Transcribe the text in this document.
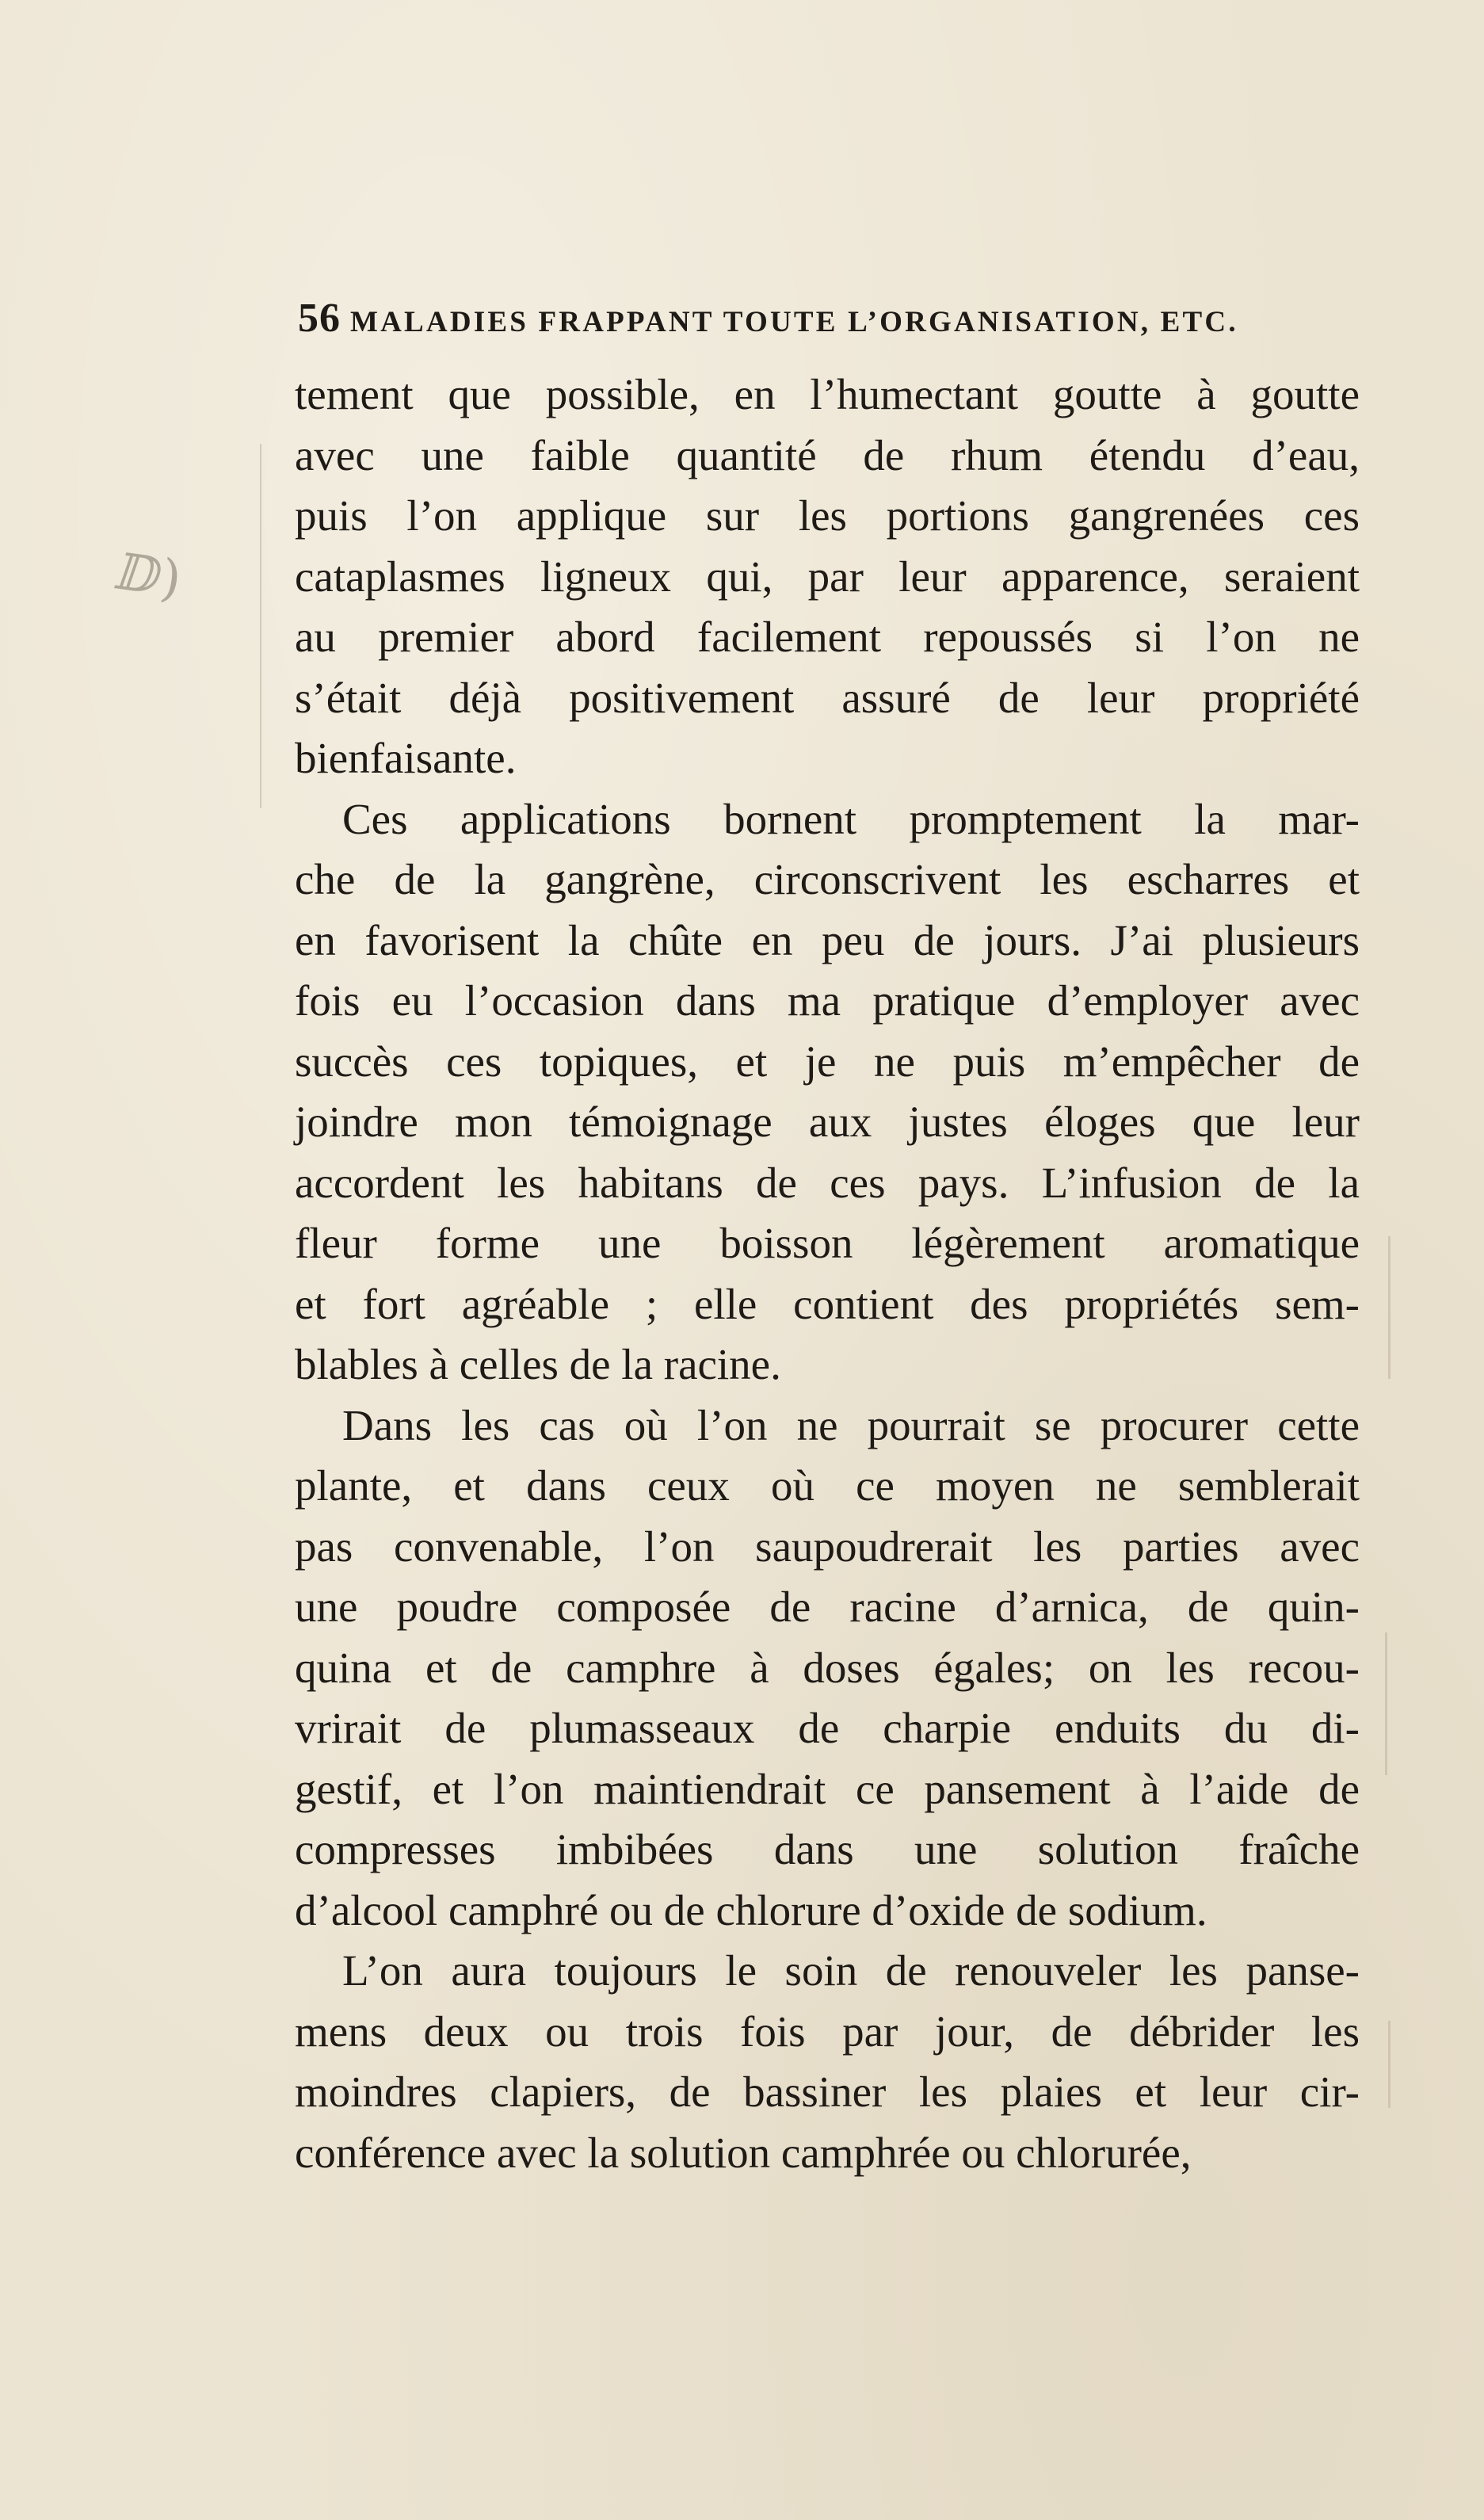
56 MALADIES FRAPPANT TOUTE L’ORGANISATION, ETC.

tement que possible, en l’humectant goutte à goutte
avec une faible quantité de rhum étendu d’eau,
puis l’on applique sur les portions gangrenées ces
cataplasmes ligneux qui, par leur apparence, seraient
au premier abord facilement repoussés si l’on ne
s’était déjà positivement assuré de leur propriété
bienfaisante.

Ces applications bornent promptement la mar-
che de la gangrène, circonscrivent les escharres et
en favorisent la chûte en peu de jours. J’ai plusieurs
fois eu l’occasion dans ma pratique d’employer avec
succès ces topiques, et je ne puis m’empêcher de
joindre mon témoignage aux justes éloges que leur
accordent les habitans de ces pays. L’infusion de la
fleur forme une boisson légèrement aromatique
et fort agréable ; elle contient des propriétés sem-
blables à celles de la racine.

Dans les cas où l’on ne pourrait se procurer cette
plante, et dans ceux où ce moyen ne semblerait
pas convenable, l’on saupoudrerait les parties avec
une poudre composée de racine d’arnica, de quin-
quina et de camphre à doses égales; on les recou-
vrirait de plumasseaux de charpie enduits du di-
gestif, et l’on maintiendrait ce pansement à l’aide de
compresses imbibées dans une solution fraîche
d’alcool camphré ou de chlorure d’oxide de sodium.

L’on aura toujours le soin de renouveler les panse-
mens deux ou trois fois par jour, de débrider les
moindres clapiers, de bassiner les plaies et leur cir-
conférence avec la solution camphrée ou chlorurée,

ⅅ)
